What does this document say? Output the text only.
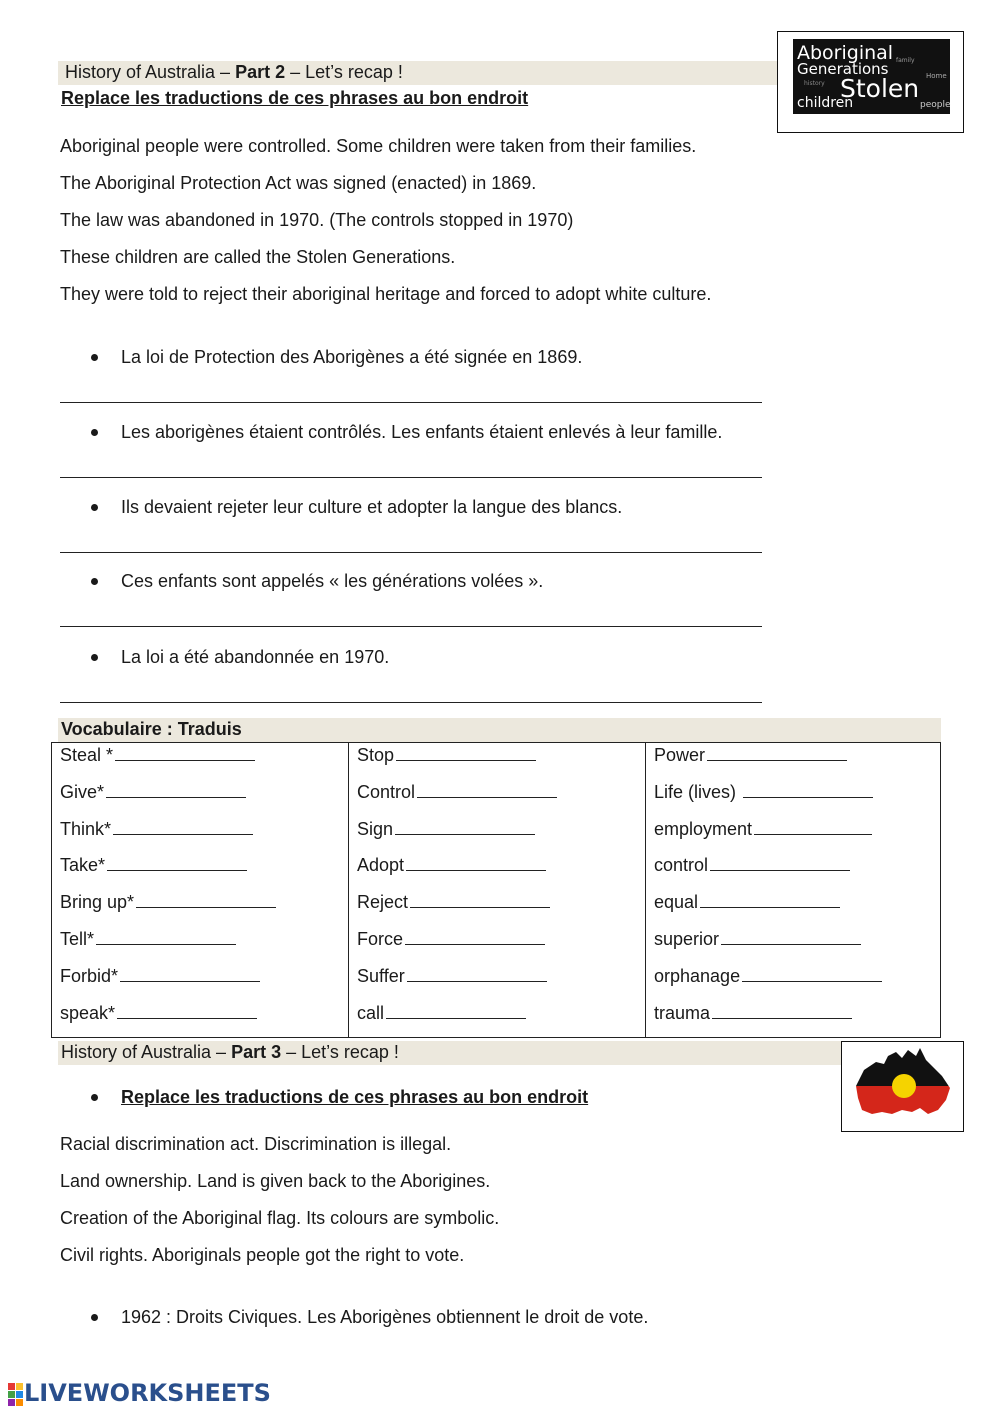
History of Australia – Part 2 – Let’s recap !
Replace les traductions de ces phrases au bon endroit
Aboriginal
Generations
Stolen
children	people
Home
family
history
Aboriginal people were controlled. Some children were taken from their families.
The Aboriginal Protection Act was signed (enacted) in 1869.
The law was abandoned in 1970. (The controls stopped in 1970)
These children are called the Stolen Generations.
They were told to reject their aboriginal heritage and forced to adopt white culture.
La loi de Protection des Aborigènes a été signée en 1869.
Les aborigènes étaient contrôlés. Les enfants étaient enlevés à leur famille.
Ils devaient rejeter leur culture et adopter la langue des blancs.
Ces enfants sont appelés « les générations volées ».
La loi a été abandonnée en 1970.
Vocabulaire : Traduis
Steal *
Give*
Think*
Take*
Bring up*
Tell*
Forbid*
speak*
Stop
Control
Sign
Adopt
Reject
Force
Suffer
call
Power
Life (lives)
employment
control
equal
superior
orphanage
trauma
History of Australia – Part 3 – Let’s recap !
Replace les traductions de ces phrases au bon endroit
Racial discrimination act. Discrimination is illegal.
Land ownership. Land is given back to the Aborigines.
Creation of the Aboriginal flag. Its colours are symbolic.
Civil rights. Aboriginals people got the right to vote.
1962 : Droits Civiques. Les Aborigènes obtiennent le droit de vote.
LIVEWORKSHEETS
